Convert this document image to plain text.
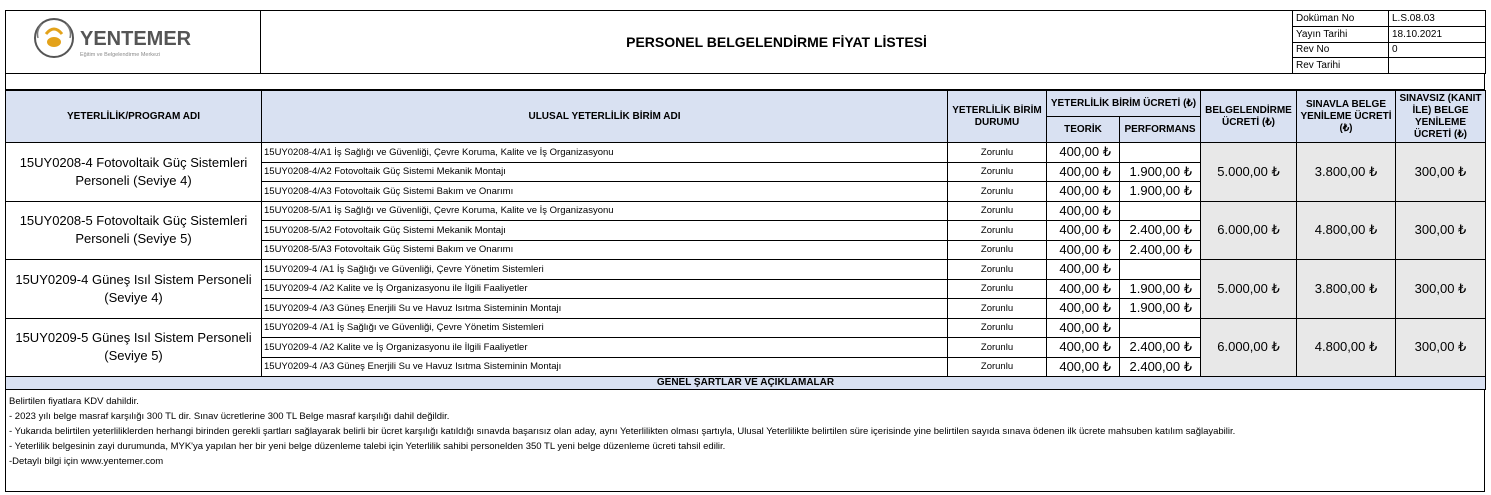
YENTEMER
Eğitim ve Belgelendirme Merkezi	PERSONEL BELGELENDİRME FİYAT LİSTESİ	Doküman No	L.S.08.03
		Yayın Tarihi	18.10.2021
		Rev No	0
		Rev Tarihi	
YETERLİLİK/PROGRAM ADI	ULUSAL YETERLİLİK BİRİM ADI	YETERLİLİK BİRİM DURUMU	YETERLİLİK BİRİM ÜCRETİ (₺)		BELGELENDİRME ÜCRETİ (₺)	SINAVLA BELGE YENİLEME ÜCRETİ (₺)	SINAVSIZ (KANIT İLE) BELGE YENİLEME ÜCRETİ (₺)
			TEORİK	PERFORMANS			
15UY0208-4 Fotovoltaik Güç Sistemleri Personeli (Seviye 4)	15UY0208-4/A1 İş Sağlığı ve Güvenliği, Çevre Koruma, Kalite ve İş Organizasyonu	Zorunlu	400,00 ₺		5.000,00 ₺	3.800,00 ₺	300,00 ₺
	15UY0208-4/A2 Fotovoltaik Güç Sistemi Mekanik Montajı	Zorunlu	400,00 ₺	1.900,00 ₺			
	15UY0208-4/A3 Fotovoltaik Güç Sistemi Bakım ve Onarımı	Zorunlu	400,00 ₺	1.900,00 ₺			
15UY0208-5 Fotovoltaik Güç Sistemleri Personeli (Seviye 5)	15UY0208-5/A1 İş Sağlığı ve Güvenliği, Çevre Koruma, Kalite ve İş Organizasyonu	Zorunlu	400,00 ₺		6.000,00 ₺	4.800,00 ₺	300,00 ₺
	15UY0208-5/A2 Fotovoltaik Güç Sistemi Mekanik Montajı	Zorunlu	400,00 ₺	2.400,00 ₺			
	15UY0208-5/A3 Fotovoltaik Güç Sistemi Bakım ve Onarımı	Zorunlu	400,00 ₺	2.400,00 ₺			
15UY0209-4 Güneş Isıl Sistem Personeli (Seviye 4)	15UY0209-4 /A1 İş Sağlığı ve Güvenliği, Çevre Yönetim Sistemleri	Zorunlu	400,00 ₺		5.000,00 ₺	3.800,00 ₺	300,00 ₺
	15UY0209-4 /A2 Kalite ve İş Organizasyonu ile İlgili Faaliyetler	Zorunlu	400,00 ₺	1.900,00 ₺			
	15UY0209-4 /A3 Güneş Enerjili Su ve Havuz Isıtma Sisteminin Montajı	Zorunlu	400,00 ₺	1.900,00 ₺			
15UY0209-5 Güneş Isıl Sistem Personeli (Seviye 5)	15UY0209-4 /A1 İş Sağlığı ve Güvenliği, Çevre Yönetim Sistemleri	Zorunlu	400,00 ₺		6.000,00 ₺	4.800,00 ₺	300,00 ₺
	15UY0209-4 /A2 Kalite ve İş Organizasyonu ile İlgili Faaliyetler	Zorunlu	400,00 ₺	2.400,00 ₺			
	15UY0209-4 /A3 Güneş Enerjili Su ve Havuz Isıtma Sisteminin Montajı	Zorunlu	400,00 ₺	2.400,00 ₺			
GENEL ŞARTLAR VE AÇIKLAMALAR							
Belirtilen fiyatlara KDV dahildir.
- 2023 yılı belge masraf karşılığı 300 TL dir. Sınav ücretlerine 300 TL Belge masraf karşılığı dahil değildir.
- Yukarıda belirtilen yeterliliklerden herhangi birinden gerekli şartları sağlayarak belirli bir ücret karşılığı katıldığı sınavda başarısız olan aday, aynı Yeterlilikten olması şartıyla, Ulusal Yeterlilikte belirtilen süre içerisinde yine belirtilen sayıda sınava ödenen ilk ücrete mahsuben katılım sağlayabilir.
- Yeterlilik belgesinin zayi durumunda, MYK'ya yapılan her bir yeni belge düzenleme talebi için Yeterlilik sahibi personelden 350 TL yeni belge düzenleme ücreti tahsil edilir.
-Detaylı bilgi için www.yentemer.com
